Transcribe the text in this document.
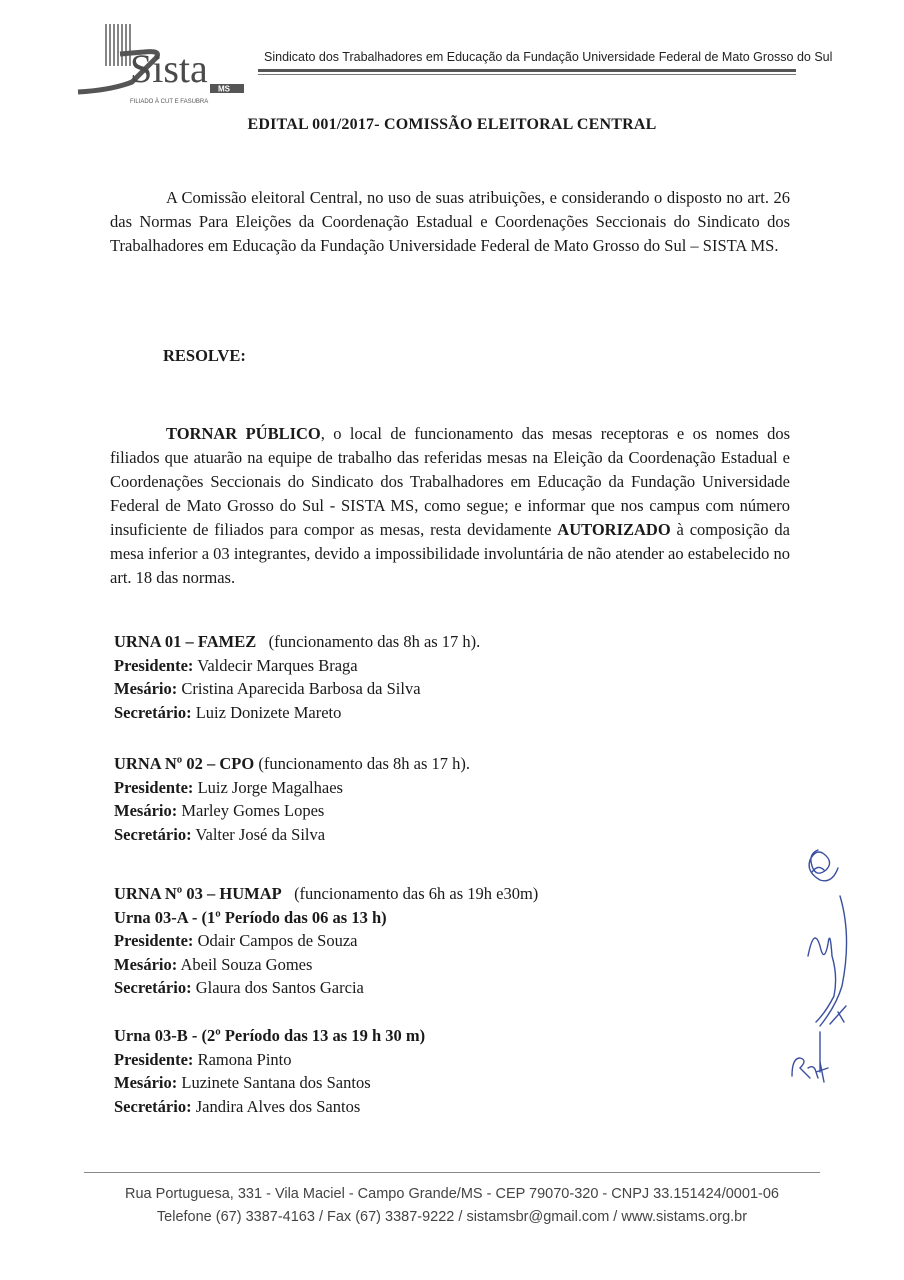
Sista MS
FILIADO À CUT E FASUBRA
Sindicato dos Trabalhadores em Educação da Fundação Universidade Federal de Mato Grosso do Sul
EDITAL 001/2017- COMISSÃO ELEITORAL CENTRAL
A Comissão eleitoral Central, no uso de suas atribuições, e considerando o disposto no art. 26 das Normas Para Eleições da Coordenação Estadual e Coordenações Seccionais do Sindicato dos Trabalhadores em Educação da Fundação Universidade Federal de Mato Grosso do Sul – SISTA MS.
RESOLVE:
TORNAR PÚBLICO, o local de funcionamento das mesas receptoras e os nomes dos filiados que atuarão na equipe de trabalho das referidas mesas na Eleição da Coordenação Estadual e Coordenações Seccionais do Sindicato dos Trabalhadores em Educação da Fundação Universidade Federal de Mato Grosso do Sul - SISTA MS, como segue; e informar que nos campus com número insuficiente de filiados para compor as mesas, resta devidamente AUTORIZADO à composição da mesa inferior a 03 integrantes, devido a impossibilidade involuntária de não atender ao estabelecido no art. 18 das normas.
URNA 01 – FAMEZ (funcionamento das 8h as 17 h).
Presidente: Valdecir Marques Braga
Mesário: Cristina Aparecida Barbosa da Silva
Secretário: Luiz Donizete Mareto
URNA Nº 02 – CPO (funcionamento das 8h as 17 h).
Presidente: Luiz Jorge Magalhaes
Mesário: Marley Gomes Lopes
Secretário: Valter José da Silva
URNA Nº 03 – HUMAP (funcionamento das 6h as 19h e30m)
Urna 03-A - (1º Período das 06 as 13 h)
Presidente: Odair Campos de Souza
Mesário: Abeil Souza Gomes
Secretário: Glaura dos Santos Garcia
Urna 03-B - (2º Período das 13 as 19 h 30 m)
Presidente: Ramona Pinto
Mesário: Luzinete Santana dos Santos
Secretário: Jandira Alves dos Santos
Rua Portuguesa, 331 - Vila Maciel - Campo Grande/MS - CEP 79070-320 - CNPJ 33.151424/0001-06
Telefone (67) 3387-4163 / Fax (67) 3387-9222 / sistamsbr@gmail.com / www.sistams.org.br
